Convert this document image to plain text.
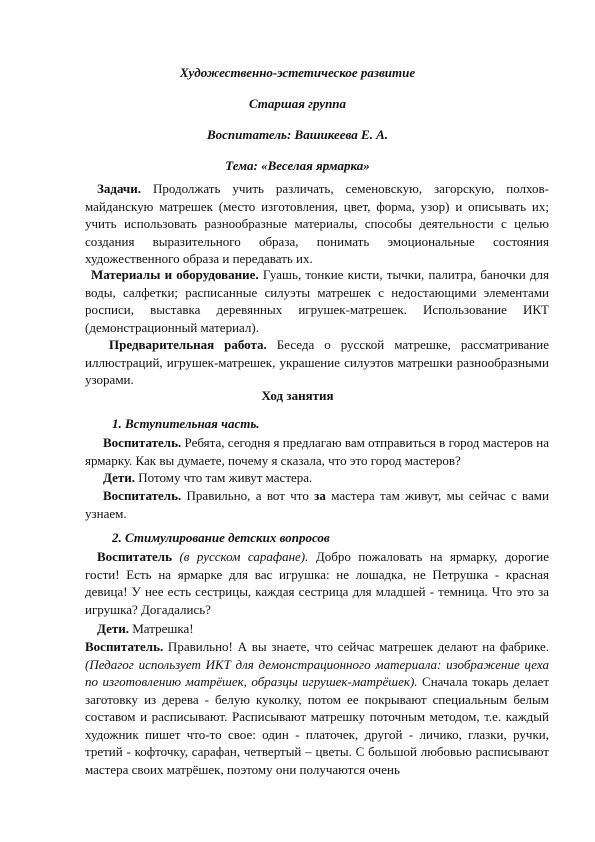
Художественно-эстетическое развитие
Старшая группа
Воспитатель: Вашикеева Е. А.
Тема: «Веселая ярмарка»

Задачи. Продолжать учить различать, семеновскую, загорскую, полхов-майданскую матрешек (место изготовления, цвет, форма, узор) и описывать их; учить использовать разнообразные материалы, способы деятельности с целью создания выразительного образа, понимать эмоциональные состояния художественного образа и передавать их.

Материалы и оборудование. Гуашь, тонкие кисти, тычки, палитра, баночки для воды, салфетки; расписанные силуэты матрешек с недостающими элементами росписи, выставка деревянных игрушек-матрешек. Использование ИКТ (демонстрационный материал).

Предварительная работа. Беседа о русской матрешке, рассматривание иллюстраций, игрушек-матрешек, украшение силуэтов матрешки разнообразными узорами.

Ход занятия
1. Вступительная часть.

Воспитатель. Ребята, сегодня я предлагаю вам отправиться в город мастеров на ярмарку. Как вы думаете, почему я сказала, что это город мастеров?

Дети. Потому что там живут мастера.

Воспитатель. Правильно, а вот что за мастера там живут, мы сейчас с вами узнаем.

2. Стимулирование детских вопросов

Воспитатель (в русском сарафане). Добро пожаловать на ярмарку, дорогие гости! Есть на ярмарке для вас игрушка: не лошадка, не Петрушка - красная девица! У нее есть сестрицы, каждая сестрица для младшей - темница. Что это за игрушка? Догадались?

Дети. Матрешка!

Воспитатель. Правильно! А вы знаете, что сейчас матрешек делают на фабрике. (Педагог использует ИКТ для демонстрационного материала: изображение цеха по изготовлению матрёшек, образцы игрушек-матрёшек). Сначала токарь делает заготовку из дерева - белую куколку, потом ее покрывают специальным белым составом и расписывают. Расписывают матрешку поточным методом, т.е. каждый художник пишет что-то свое: один - платочек, другой - личико, глазки, ручки, третий - кофточку, сарафан, четвертый – цветы. С большой любовью расписывают мастера своих матрёшек, поэтому они получаются очень
